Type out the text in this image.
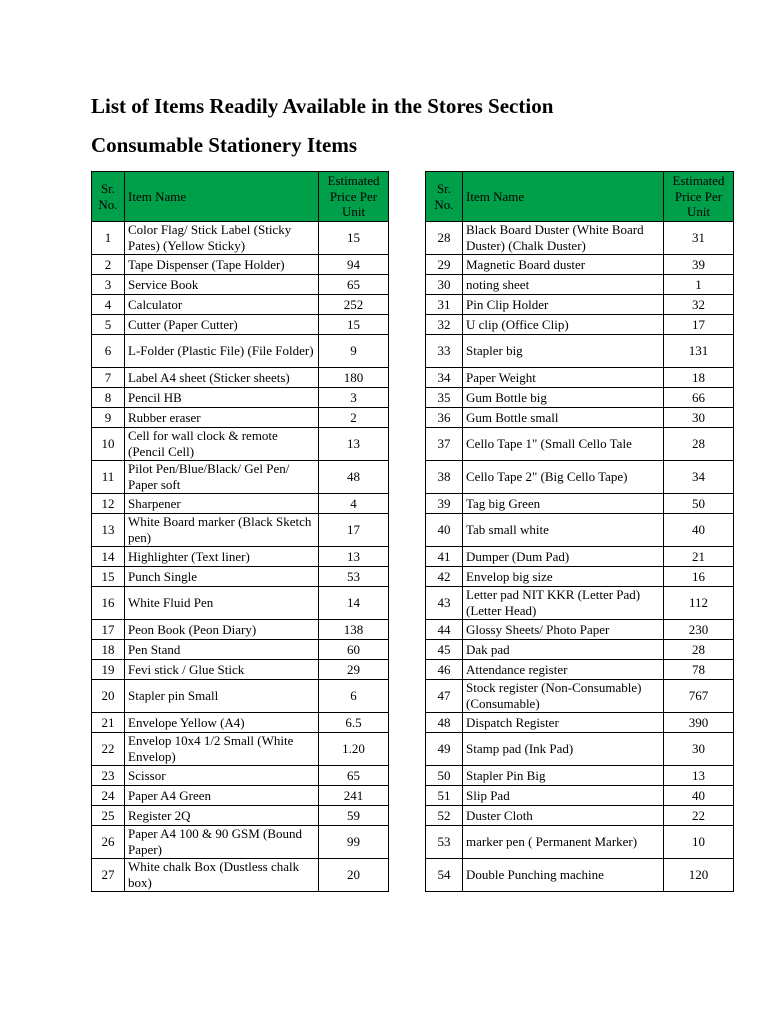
List of Items Readily Available in the Stores Section
Consumable Stationery Items
Sr. No.	Item Name	Estimated Price Per Unit
1	Color Flag/ Stick Label (Sticky Pates) (Yellow Sticky)	15
2	Tape Dispenser (Tape Holder)	94
3	Service Book	65
4	Calculator	252
5	Cutter (Paper Cutter)	15
6	L-Folder (Plastic File) (File Folder)	9
7	Label A4 sheet (Sticker sheets)	180
8	Pencil HB	3
9	Rubber eraser	2
10	Cell for wall clock & remote (Pencil Cell)	13
11	Pilot Pen/Blue/Black/ Gel Pen/ Paper soft	48
12	Sharpener	4
13	White Board marker (Black Sketch pen)	17
14	Highlighter (Text liner)	13
15	Punch Single	53
16	White Fluid Pen	14
17	Peon Book (Peon Diary)	138
18	Pen Stand	60
19	Fevi stick / Glue Stick	29
20	Stapler pin Small	6
21	Envelope Yellow (A4)	6.5
22	Envelop 10x4 1/2 Small (White Envelop)	1.20
23	Scissor	65
24	Paper A4 Green	241
25	Register 2Q	59
26	Paper A4 100 & 90 GSM (Bound Paper)	99
27	White chalk Box (Dustless chalk box)	20
Sr. No.	Item Name	Estimated Price Per Unit
28	Black Board Duster (White Board Duster) (Chalk Duster)	31
29	Magnetic Board duster	39
30	noting sheet	1
31	Pin Clip Holder	32
32	U clip (Office Clip)	17
33	Stapler big	131
34	Paper Weight	18
35	Gum Bottle big	66
36	Gum Bottle small	30
37	Cello Tape 1" (Small Cello Tale	28
38	Cello Tape 2" (Big Cello Tape)	34
39	Tag big Green	50
40	Tab small white	40
41	Dumper (Dum Pad)	21
42	Envelop big size	16
43	Letter pad NIT KKR (Letter Pad)(Letter Head)	112
44	Glossy Sheets/ Photo Paper	230
45	Dak pad	28
46	Attendance register	78
47	Stock register (Non-Consumable) (Consumable)	767
48	Dispatch Register	390
49	Stamp pad (Ink Pad)	30
50	Stapler Pin Big	13
51	Slip Pad	40
52	Duster Cloth	22
53	marker pen ( Permanent Marker)	10
54	Double Punching machine	120
